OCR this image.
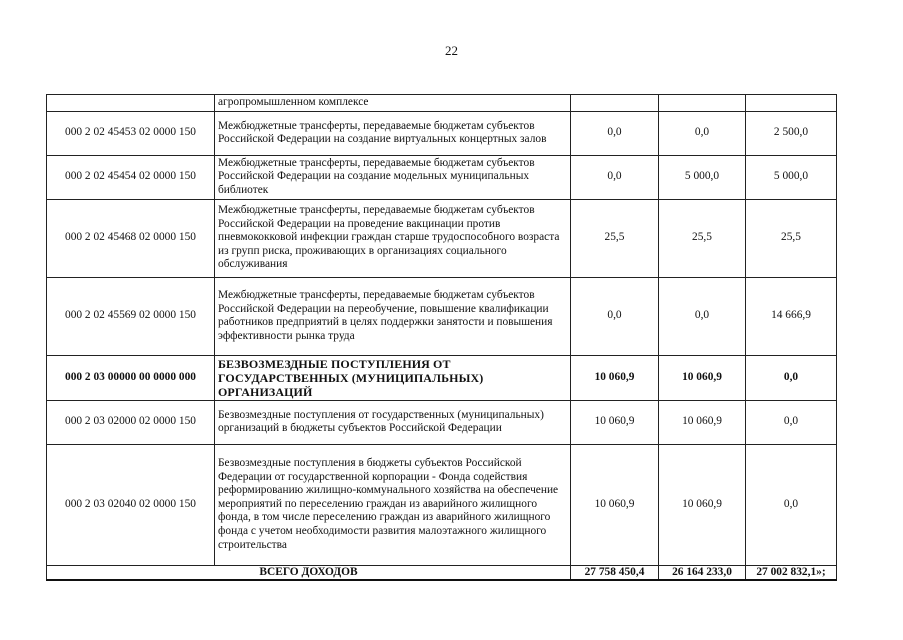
22
	агропромышленном комплексе			
000 2 02 45453 02 0000 150	Межбюджетные трансферты, передаваемые бюджетам субъектов Российской Федерации на создание виртуальных концертных залов	0,0	0,0	2 500,0
000 2 02 45454 02 0000 150	Межбюджетные трансферты, передаваемые бюджетам субъектов Российской Федерации на создание модельных муниципальных библиотек	0,0	5 000,0	5 000,0
000 2 02 45468 02 0000 150	Межбюджетные трансферты, передаваемые бюджетам субъектов Российской Федерации на проведение вакцинации против пневмококковой инфекции граждан старше трудоспособного возраста из групп риска, проживающих в организациях социального обслуживания	25,5	25,5	25,5
000 2 02 45569 02 0000 150	Межбюджетные трансферты, передаваемые бюджетам субъектов Российской Федерации на переобучение, повышение квалификации работников предприятий в целях поддержки занятости и повышения эффективности рынка труда	0,0	0,0	14 666,9
000 2 03 00000 00 0000 000	БЕЗВОЗМЕЗДНЫЕ ПОСТУПЛЕНИЯ ОТ ГОСУДАРСТВЕННЫХ (МУНИЦИПАЛЬНЫХ) ОРГАНИЗАЦИЙ	10 060,9	10 060,9	0,0
000 2 03 02000 02 0000 150	Безвозмездные поступления от государственных (муниципальных) организаций в бюджеты субъектов Российской Федерации	10 060,9	10 060,9	0,0
000 2 03 02040 02 0000 150	Безвозмездные поступления в бюджеты субъектов Российской Федерации от государственной корпорации - Фонда содействия реформированию жилищно-коммунального хозяйства на обеспечение мероприятий по переселению граждан из аварийного жилищного фонда, в том числе переселению граждан из аварийного жилищного фонда с учетом необходимости развития малоэтажного жилищного строительства	10 060,9	10 060,9	0,0
ВСЕГО ДОХОДОВ		27 758 450,4	26 164 233,0	27 002 832,1»;
